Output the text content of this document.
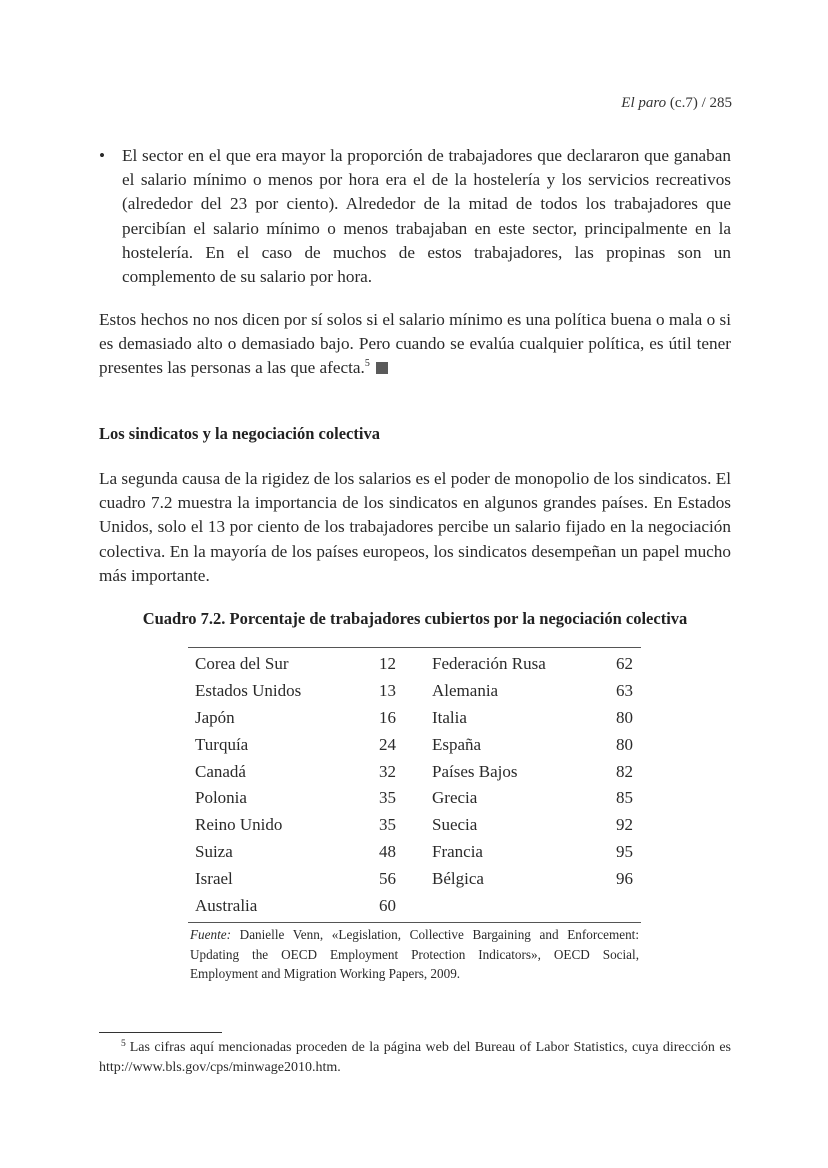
El paro (c.7) / 285
• El sector en el que era mayor la proporción de trabajadores que declararon que ganaban el salario mínimo o menos por hora era el de la hostelería y los servicios recreativos (alrededor del 23 por ciento). Alrededor de la mitad de todos los trabajadores que percibían el salario mínimo o menos trabajaban en este sector, principalmente en la hostelería. En el caso de muchos de estos trabajadores, las propinas son un complemento de su salario por hora.
Estos hechos no nos dicen por sí solos si el salario mínimo es una política buena o mala o si es demasiado alto o demasiado bajo. Pero cuando se evalúa cualquier política, es útil tener presentes las personas a las que afecta.$^5$
Los sindicatos y la negociación colectiva
La segunda causa de la rigidez de los salarios es el poder de monopolio de los sindicatos. El cuadro 7.2 muestra la importancia de los sindicatos en algunos grandes países. En Estados Unidos, solo el 13 por ciento de los trabajadores percibe un salario fijado en la negociación colectiva. En la mayoría de los países europeos, los sindicatos desempeñan un papel mucho más importante.
Cuadro 7.2. Porcentaje de trabajadores cubiertos por la negociación colectiva
Corea del Sur	12 Federación Rusa	62
Estados Unidos	13 Alemania	63
Japón	16 Italia	80
Turquía	24 España	80
Canadá	32 Países Bajos	82
Polonia	35 Grecia	85
Reino Unido	35 Suecia	92
Suiza	48 Francia	95
Israel	56 Bélgica	96
Australia	60
Fuente: Danielle Venn, «Legislation, Collective Bargaining and Enforcement: Updating the OECD Employment Protection Indicators», OECD Social, Employment and Migration Working Papers, 2009.
$^5$ Las cifras aquí mencionadas proceden de la página web del Bureau of Labor Statistics, cuya dirección es http://www.bls.gov/cps/minwage2010.htm.
